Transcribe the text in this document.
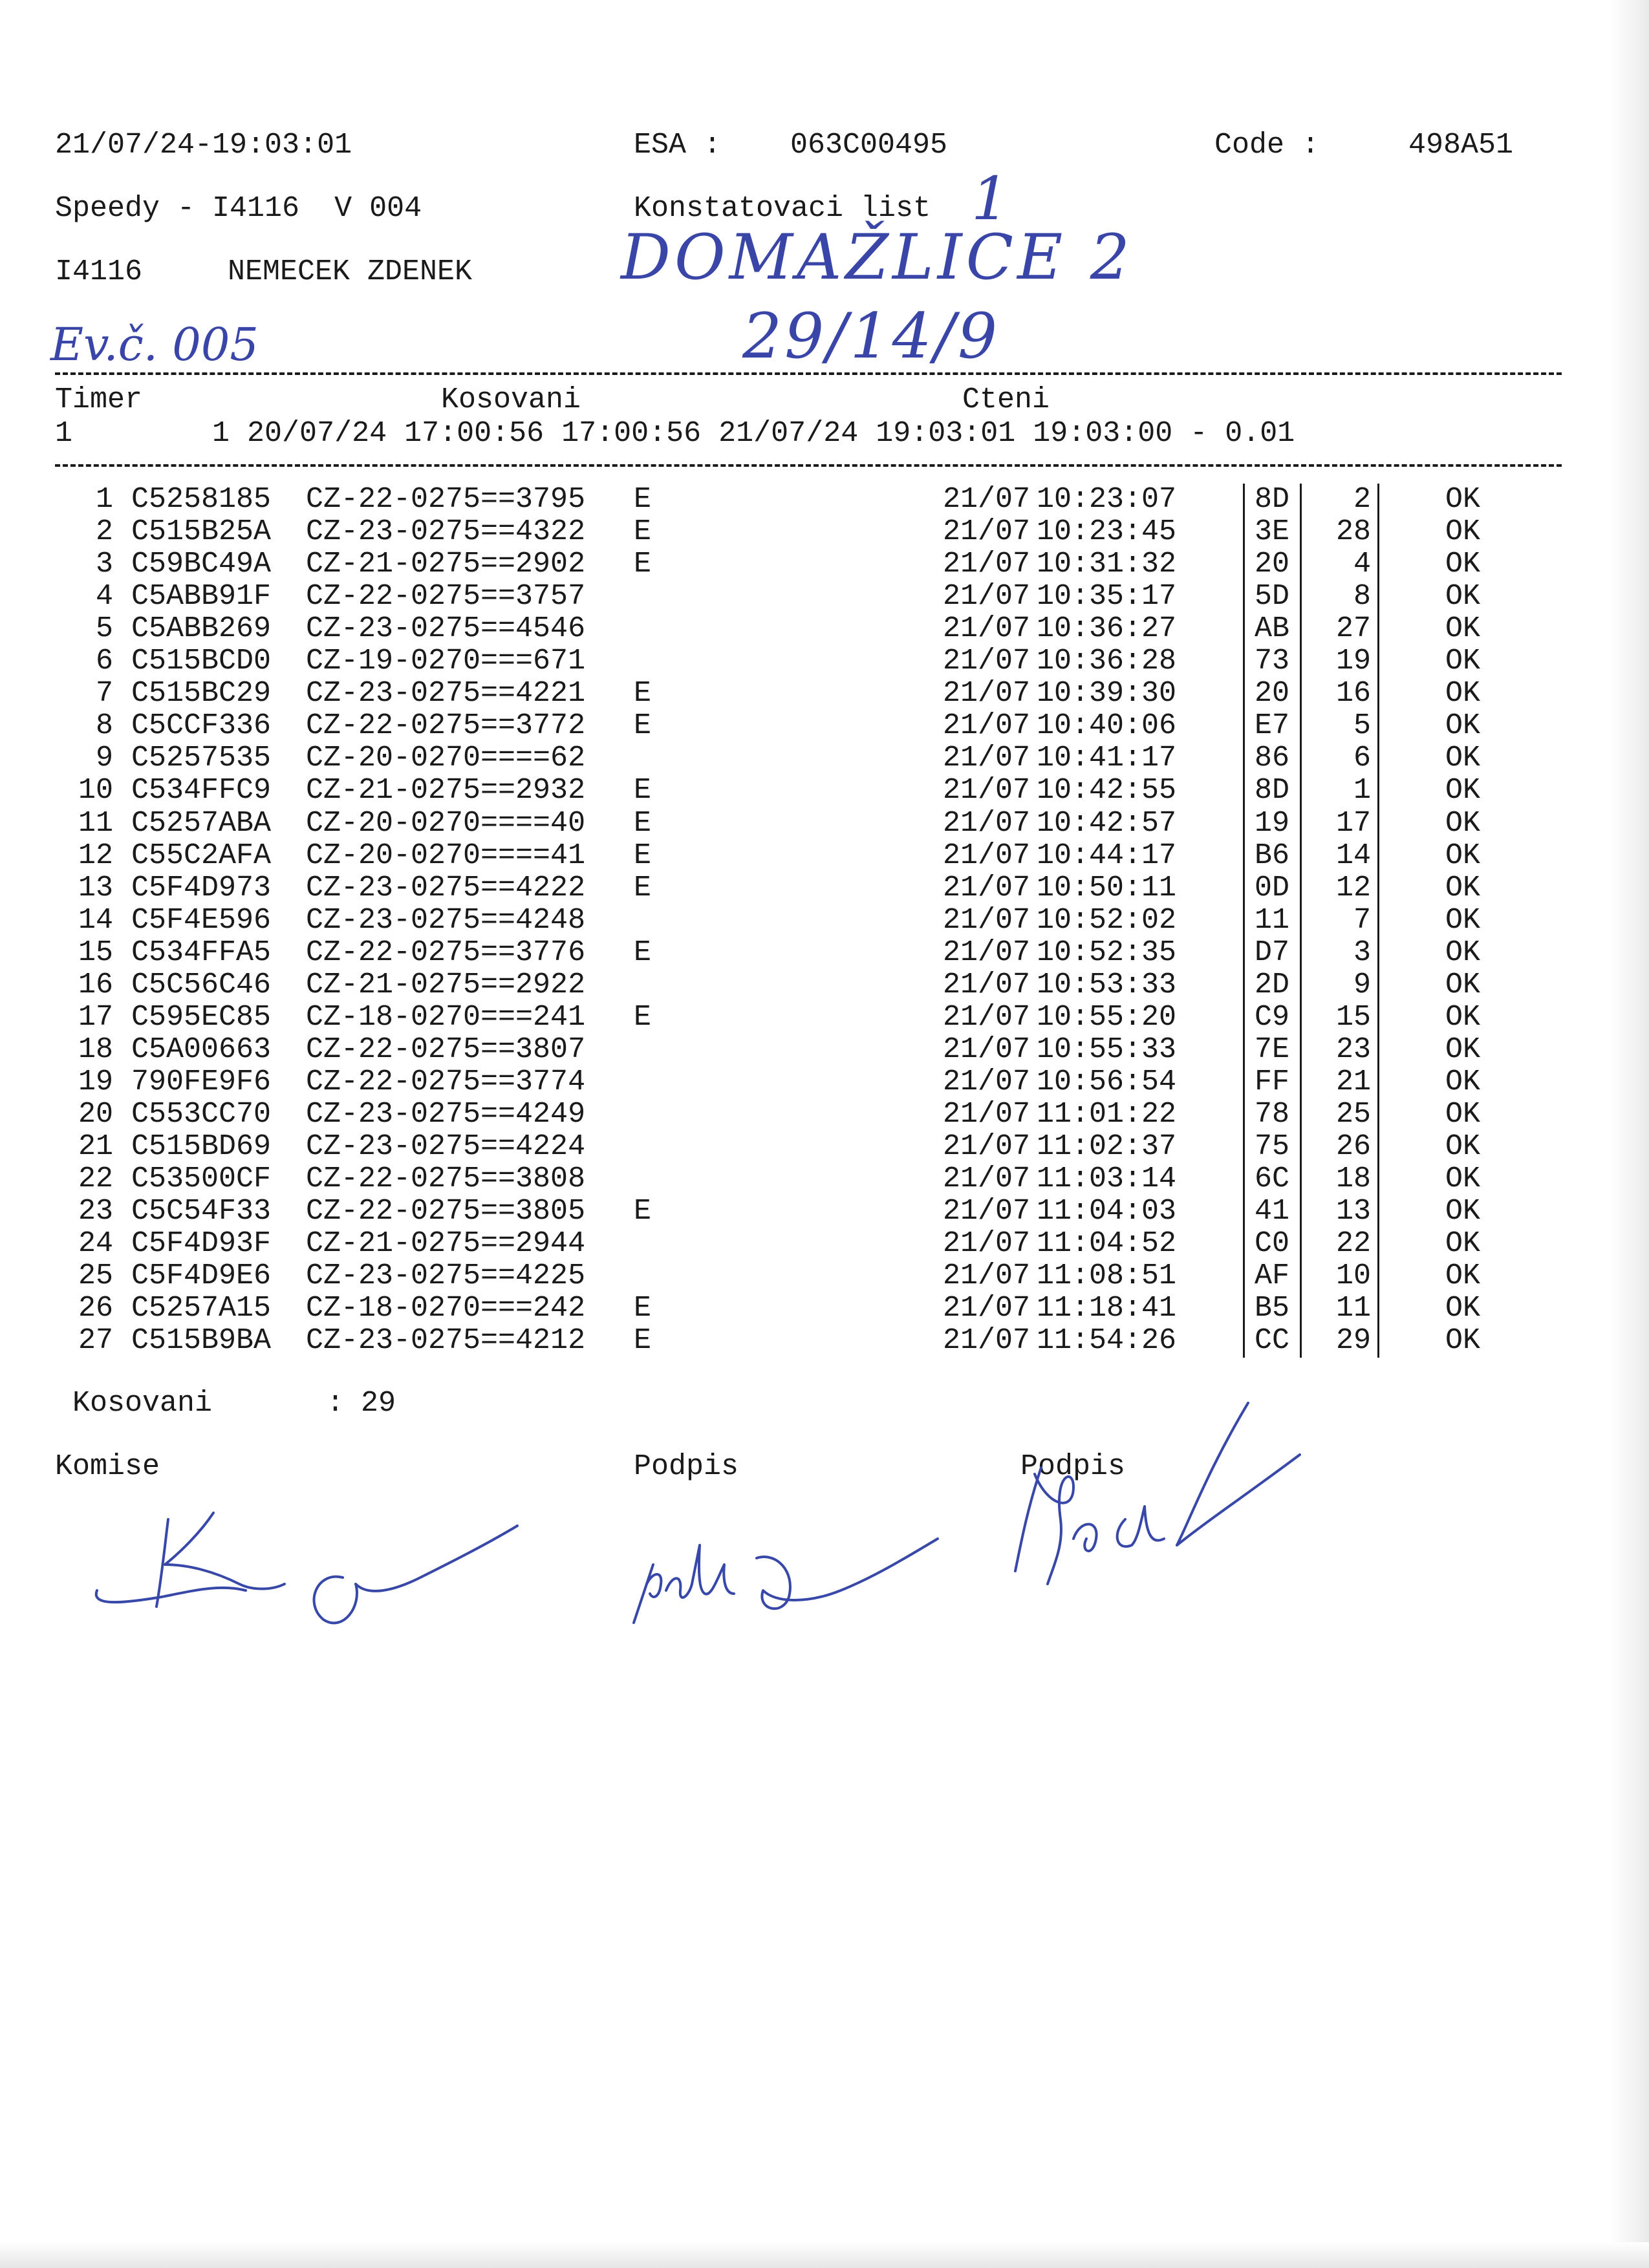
21/07/24-19:03:01	ESA : 063C00495	Code :	498A51
Speedy - I4116  V 004	Konstatovaci list
I4116	NEMECEK ZDENEK
1
DOMAŽLICE 2
29/14/9
Ev.č. 005
Timer	Kosovani	Cteni
1        1 20/07/24 17:00:56 17:00:56 21/07/24 19:03:01 19:03:00 - 0.01
1 C5258185 CZ-22-0275==3795 E	21/07 10:23:07	8D	2	OK
2 C515B25A CZ-23-0275==4322 E	21/07 10:23:45	3E	28	OK
3 C59BC49A CZ-21-0275==2902 E	21/07 10:31:32	20	4	OK
4 C5ABB91F CZ-22-0275==3757	21/07 10:35:17	5D	8	OK
5 C5ABB269 CZ-23-0275==4546	21/07 10:36:27	AB	27	OK
6 C515BCD0 CZ-19-0270===671	21/07 10:36:28	73	19	OK
7 C515BC29 CZ-23-0275==4221 E	21/07 10:39:30	20	16	OK
8 C5CCF336 CZ-22-0275==3772 E	21/07 10:40:06	E7	5	OK
9 C5257535 CZ-20-0270====62	21/07 10:41:17	86	6	OK
10 C534FFC9 CZ-21-0275==2932 E	21/07 10:42:55	8D	1	OK
11 C5257ABA CZ-20-0270====40 E	21/07 10:42:57	19	17	OK
12 C55C2AFA CZ-20-0270====41 E	21/07 10:44:17	B6	14	OK
13 C5F4D973 CZ-23-0275==4222 E	21/07 10:50:11	0D	12	OK
14 C5F4E596 CZ-23-0275==4248	21/07 10:52:02	11	7	OK
15 C534FFA5 CZ-22-0275==3776 E	21/07 10:52:35	D7	3	OK
16 C5C56C46 CZ-21-0275==2922	21/07 10:53:33	2D	9	OK
17 C595EC85 CZ-18-0270===241 E	21/07 10:55:20	C9	15	OK
18 C5A00663 CZ-22-0275==3807	21/07 10:55:33	7E	23	OK
19 790FE9F6 CZ-22-0275==3774	21/07 10:56:54	FF	21	OK
20 C553CC70 CZ-23-0275==4249	21/07 11:01:22	78	25	OK
21 C515BD69 CZ-23-0275==4224	21/07 11:02:37	75	26	OK
22 C53500CF CZ-22-0275==3808	21/07 11:03:14	6C	18	OK
23 C5C54F33 CZ-22-0275==3805 E	21/07 11:04:03	41	13	OK
24 C5F4D93F CZ-21-0275==2944	21/07 11:04:52	C0	22	OK
25 C5F4D9E6 CZ-23-0275==4225	21/07 11:08:51	AF	10	OK
26 C5257A15 CZ-18-0270===242 E	21/07 11:18:41	B5	11	OK
27 C515B9BA CZ-23-0275==4212 E	21/07 11:54:26	CC	29	OK
Kosovani	: 29
Komise	Podpis	Podpis
